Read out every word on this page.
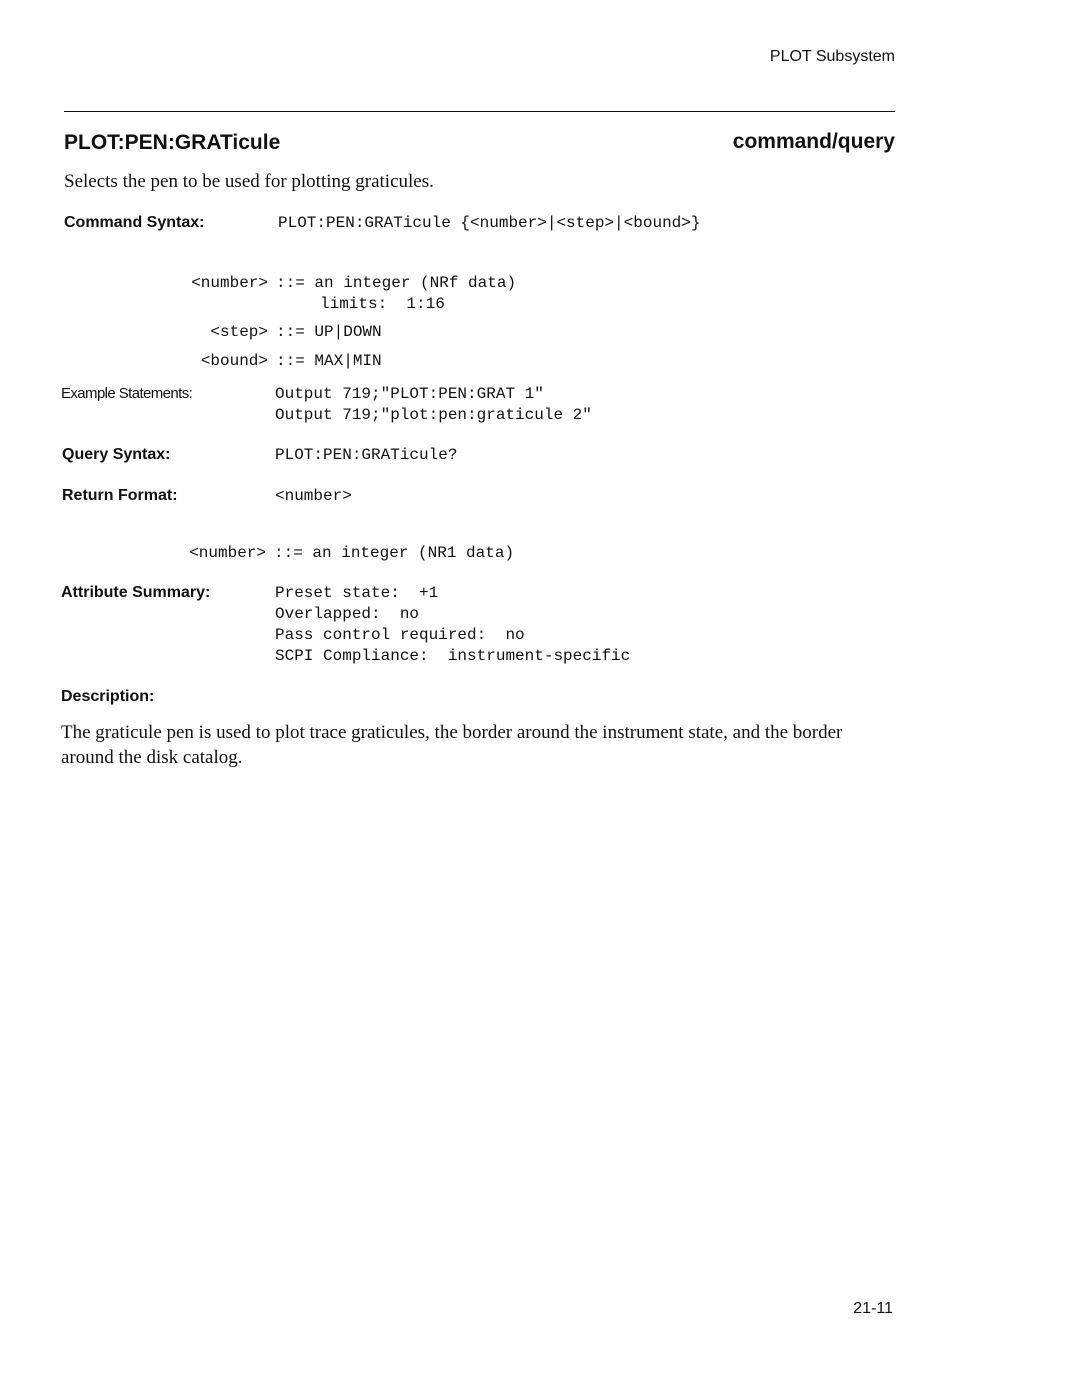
PLOT Subsystem
PLOT:PEN:GRATicule	command/query
Selects the pen to be used for plotting graticules.
Command Syntax:	PLOT:PEN:GRATicule {<number>|<step>|<bound>}
<number> ::= an integer (NRf data)
limits:  1:16
<step> ::= UP|DOWN
<bound> ::= MAX|MIN
Example Statements:	Output 719;"PLOT:PEN:GRAT 1"
Output 719;"plot:pen:graticule 2"
Query Syntax:	PLOT:PEN:GRATicule?
Return Format:	<number>
<number> ::= an integer (NR1 data)
Attribute Summary:	Preset state:  +1
Overlapped:  no
Pass control required:  no
SCPI Compliance:  instrument-specific
Description:
The graticule pen is used to plot trace graticules, the border around the instrument state, and the border around the disk catalog.
21-11
